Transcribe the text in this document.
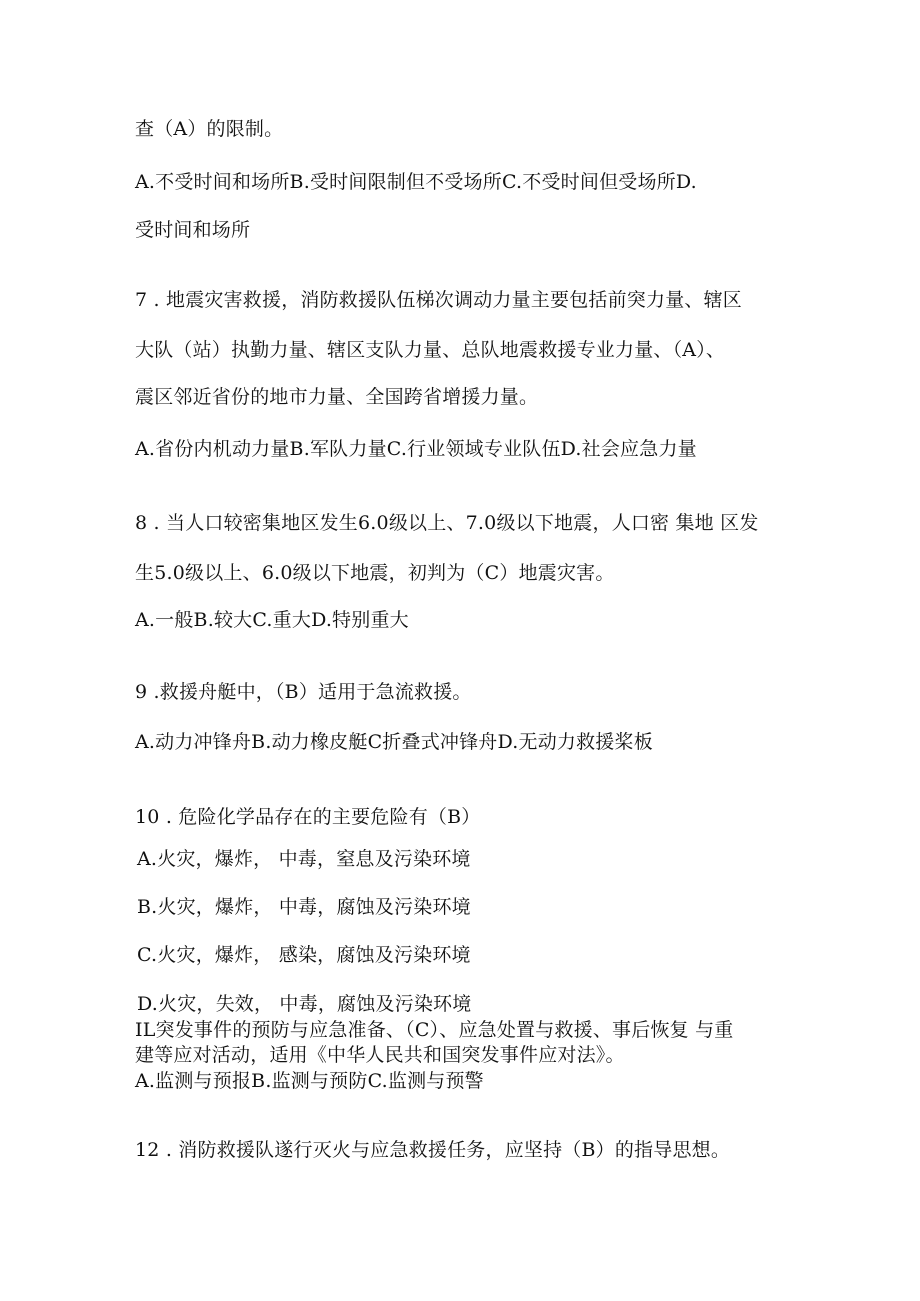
查（A）的限制。
A.不受时间和场所B.受时间限制但不受场所C.不受时间但受场所D.
受时间和场所
7 . 地震灾害救援，消防救援队伍梯次调动力量主要包括前突力量、辖区
大队（站）执勤力量、辖区支队力量、总队地震救援专业力量、（A）、
震区邻近省份的地市力量、全国跨省增援力量。
A.省份内机动力量B.军队力量C.行业领域专业队伍D.社会应急力量
8 . 当人口较密集地区发生6.0级以上、7.0级以下地震，人口密 集地 区发
生5.0级以上、6.0级以下地震，初判为（C）地震灾害。
A.一般B.较大C.重大D.特别重大
9 .救援舟艇中，（B）适用于急流救援。
A.动力冲锋舟B.动力橡皮艇C折叠式冲锋舟D.无动力救援桨板
10 . 危险化学品存在的主要危险有（B）
A.火灾，爆炸， 中毒，窒息及污染环境
B.火灾，爆炸， 中毒，腐蚀及污染环境
C.火灾，爆炸， 感染，腐蚀及污染环境
D.火灾，失效， 中毒，腐蚀及污染环境
IL突发事件的预防与应急准备、（C）、应急处置与救援、事后恢复 与重
建等应对活动，适用《中华人民共和国突发事件应对法》。
A.监测与预报B.监测与预防C.监测与预警
12 . 消防救援队遂行灭火与应急救援任务，应坚持（B）的指导思想。
